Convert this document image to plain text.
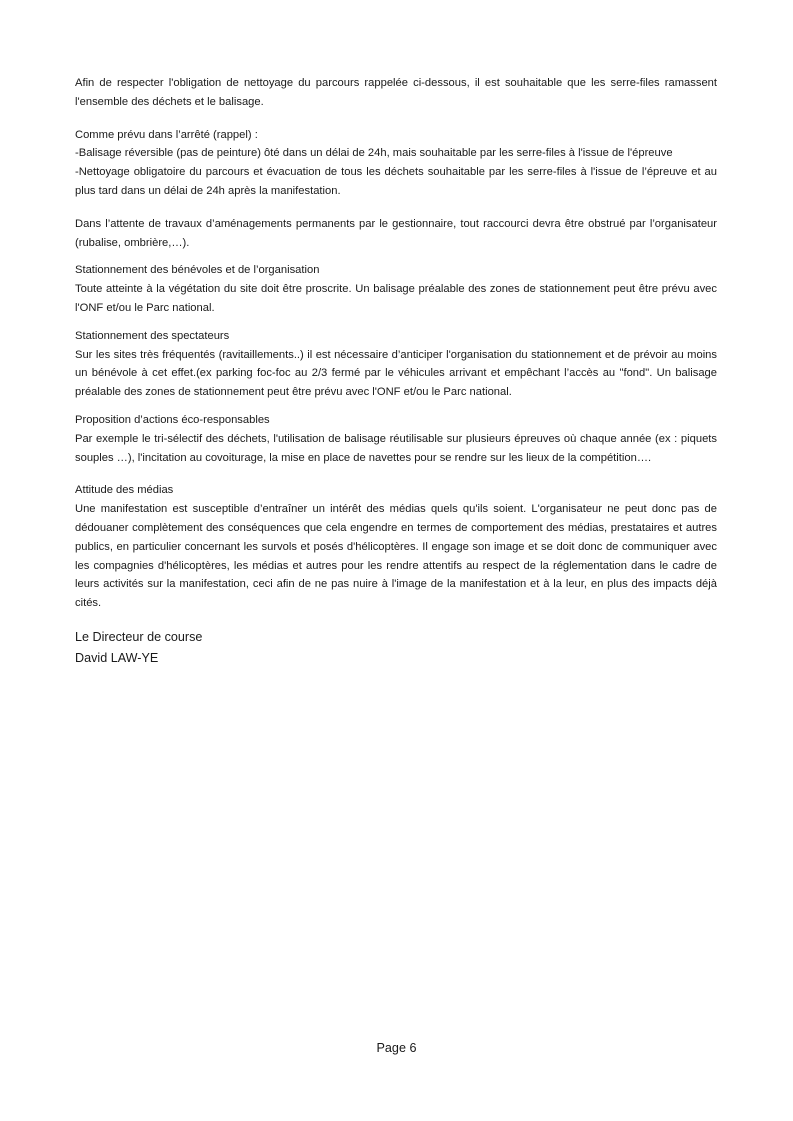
Afin de respecter l'obligation de nettoyage du parcours rappelée ci-dessous, il est souhaitable que les serre-files ramassent l'ensemble des déchets et le balisage.

Comme prévu dans l’arrêté (rappel) :

-Balisage réversible (pas de peinture) ôté dans un délai de 24h, mais souhaitable par les serre-files à l'issue de l'épreuve

-Nettoyage obligatoire du parcours et évacuation de tous les déchets souhaitable par les serre-files à l'issue de l’épreuve et au plus tard dans un délai de 24h après la manifestation.

Dans l’attente de travaux d’aménagements permanents par le gestionnaire, tout raccourci devra être obstrué par l’organisateur (rubalise, ombrière,…).

Stationnement des bénévoles et de l’organisation

Toute atteinte à la végétation du site doit être proscrite. Un balisage préalable des zones de stationnement peut être prévu avec l'ONF et/ou le Parc national.

Stationnement des spectateurs

Sur les sites très fréquentés (ravitaillements..) il est nécessaire d’anticiper l'organisation du stationnement et de prévoir au moins un bénévole à cet effet.(ex parking foc-foc au 2/3 fermé par le véhicules arrivant et empêchant l’accès au "fond". Un balisage préalable des zones de stationnement peut être prévu avec l'ONF et/ou le Parc national.

Proposition d’actions éco-responsables

Par exemple le tri-sélectif des déchets, l'utilisation de balisage réutilisable sur plusieurs épreuves où chaque année (ex : piquets souples …), l'incitation au covoiturage, la mise en place de navettes pour se rendre sur les lieux de la compétition….

Attitude des médias

Une manifestation est susceptible d’entraîner un intérêt des médias quels qu'ils soient. L'organisateur ne peut donc pas de dédouaner complètement des conséquences que cela engendre en termes de comportement des médias, prestataires et autres publics, en particulier concernant les survols et posés d'hélicoptères. Il engage son image et se doit donc de communiquer avec les compagnies d'hélicoptères, les médias et autres pour les rendre attentifs au respect de la réglementation dans le cadre de leurs activités sur la manifestation, ceci afin de ne pas nuire à l'image de la manifestation et à la leur, en plus des impacts déjà cités.

Le Directeur de course

David LAW-YE

Page 6
